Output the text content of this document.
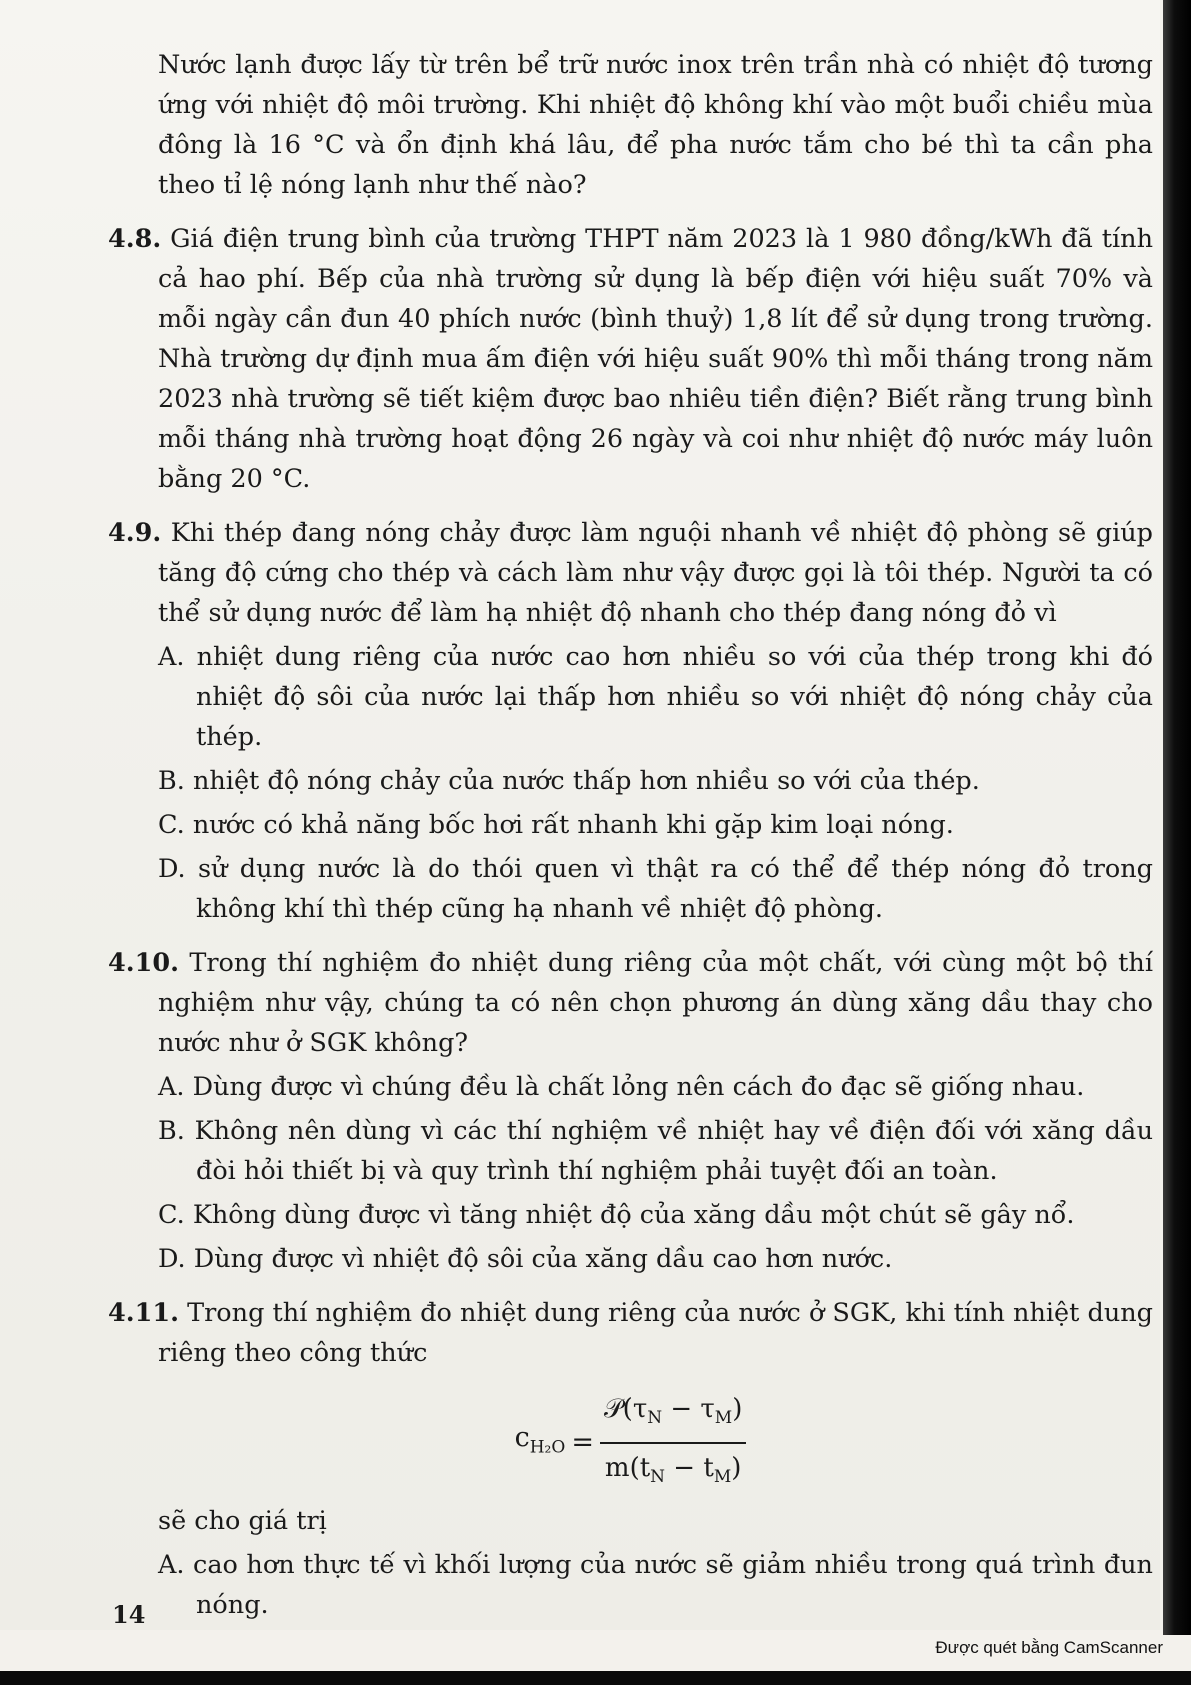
Nước lạnh được lấy từ trên bể trữ nước inox trên trần nhà có nhiệt độ tương ứng với nhiệt độ môi trường. Khi nhiệt độ không khí vào một buổi chiều mùa đông là 16 °C và ổn định khá lâu, để pha nước tắm cho bé thì ta cần pha theo tỉ lệ nóng lạnh như thế nào?

4.8. Giá điện trung bình của trường THPT năm 2023 là 1 980 đồng/kWh đã tính cả hao phí. Bếp của nhà trường sử dụng là bếp điện với hiệu suất 70% và mỗi ngày cần đun 40 phích nước (bình thuỷ) 1,8 lít để sử dụng trong trường. Nhà trường dự định mua ấm điện với hiệu suất 90% thì mỗi tháng trong năm 2023 nhà trường sẽ tiết kiệm được bao nhiêu tiền điện? Biết rằng trung bình mỗi tháng nhà trường hoạt động 26 ngày và coi như nhiệt độ nước máy luôn bằng 20 °C.

4.9. Khi thép đang nóng chảy được làm nguội nhanh về nhiệt độ phòng sẽ giúp tăng độ cứng cho thép và cách làm như vậy được gọi là tôi thép. Người ta có thể sử dụng nước để làm hạ nhiệt độ nhanh cho thép đang nóng đỏ vì

A. nhiệt dung riêng của nước cao hơn nhiều so với của thép trong khi đó nhiệt độ sôi của nước lại thấp hơn nhiều so với nhiệt độ nóng chảy của thép.

B. nhiệt độ nóng chảy của nước thấp hơn nhiều so với của thép.

C. nước có khả năng bốc hơi rất nhanh khi gặp kim loại nóng.

D. sử dụng nước là do thói quen vì thật ra có thể để thép nóng đỏ trong không khí thì thép cũng hạ nhanh về nhiệt độ phòng.

4.10. Trong thí nghiệm đo nhiệt dung riêng của một chất, với cùng một bộ thí nghiệm như vậy, chúng ta có nên chọn phương án dùng xăng dầu thay cho nước như ở SGK không?

A. Dùng được vì chúng đều là chất lỏng nên cách đo đạc sẽ giống nhau.

B. Không nên dùng vì các thí nghiệm về nhiệt hay về điện đối với xăng dầu đòi hỏi thiết bị và quy trình thí nghiệm phải tuyệt đối an toàn.

C. Không dùng được vì tăng nhiệt độ của xăng dầu một chút sẽ gây nổ.

D. Dùng được vì nhiệt độ sôi của xăng dầu cao hơn nước.

4.11. Trong thí nghiệm đo nhiệt dung riêng của nước ở SGK, khi tính nhiệt dung riêng theo công thức

$c_{H_2O} = \frac{𝒫(\tau_N - \tau_M)}{m(t_N - t_M)}$

sẽ cho giá trị

A. cao hơn thực tế vì khối lượng của nước sẽ giảm nhiều trong quá trình đun nóng.

14
Được quét bằng CamScanner
